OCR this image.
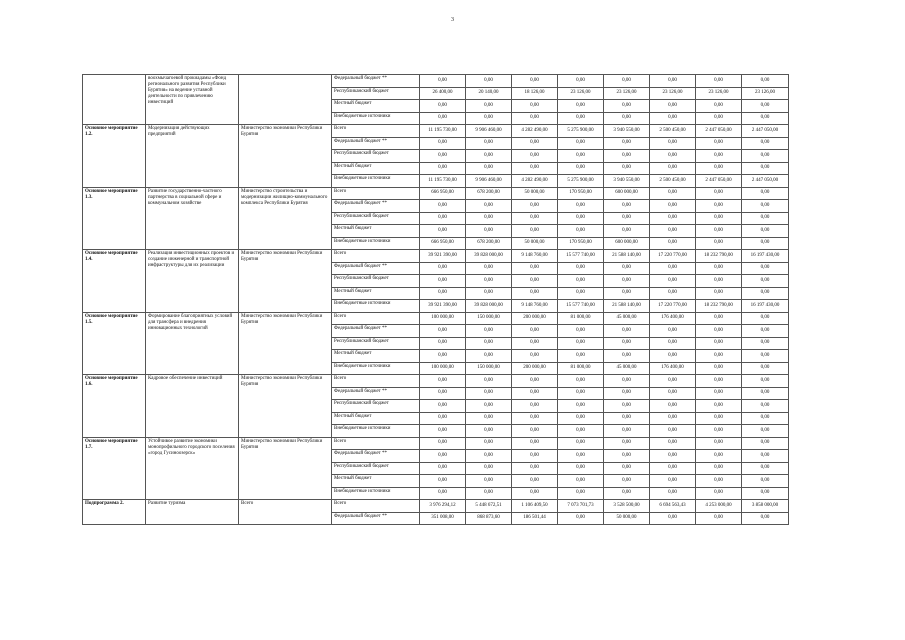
3
	воохмычагоевой прокиадамы «Фонд регионального развития Республики Бурятия» на ведение уставной деятельности по привлечению инвестиций		Федеральный бюджет **	0,00	0,00	0,00	0,00	0,00	0,00	0,00	0,00
			Республиканский бюджет	26 400,00	20 140,00	18 126,00	23 126,00	23 126,00	23 126,00	23 126,00	23 126,00
			Местный бюджет	0,00	0,00	0,00	0,00	0,00	0,00	0,00	0,00
			Внебюджетные источники	0,00	0,00	0,00	0,00	0,00	0,00	0,00	0,00
Основное мероприятие 1.2.	Модернизация действующих предприятий	Министерство экономики Республики Бурятия	Всего	11 195 730,00	9 906 460,00	4 282 490,00	5 275 900,00	3 940 550,00	2 500 450,00	2 447 050,00	2 447 050,00
			Федеральный бюджет **	0,00	0,00	0,00	0,00	0,00	0,00	0,00	0,00
			Республиканский бюджет	0,00	0,00	0,00	0,00	0,00	0,00	0,00	0,00
			Местный бюджет	0,00	0,00	0,00	0,00	0,00	0,00	0,00	0,00
			Внебюджетные источники	11 195 730,00	9 906 460,00	4 282 490,00	5 275 900,00	3 940 550,00	2 500 450,00	2 447 050,00	2 447 050,00
Основное мероприятие 1.3.	Развитие государственно-частного партнерства в социальной сфере и коммунальном хозяйстве	Министерство строительства и модернизации жилищно-коммунального комплекса Республики Бурятия	Всего	666 950,00	678 200,00	50 000,00	170 950,00	600 000,00	0,00	0,00	0,00
			Федеральный бюджет **	0,00	0,00	0,00	0,00	0,00	0,00	0,00	0,00
			Республиканский бюджет	0,00	0,00	0,00	0,00	0,00	0,00	0,00	0,00
			Местный бюджет	0,00	0,00	0,00	0,00	0,00	0,00	0,00	0,00
			Внебюджетные источники	666 950,00	678 200,00	50 000,00	170 950,00	600 000,00	0,00	0,00	0,00
Основное мероприятие 1.4.	Реализация инвестиционных проектов и создание инженерной и транспортной инфраструктуры для их реализации	Министерство экономики Республики Бурятия	Всего	39 921 390,00	39 828 000,00	9 148 760,00	15 577 740,00	21 588 140,00	17 220 770,00	18 232 790,00	16 197 430,00
			Федеральный бюджет **	0,00	0,00	0,00	0,00	0,00	0,00	0,00	0,00
			Республиканский бюджет	0,00	0,00	0,00	0,00	0,00	0,00	0,00	0,00
			Местный бюджет	0,00	0,00	0,00	0,00	0,00	0,00	0,00	0,00
			Внебюджетные источники	39 921 390,00	39 828 000,00	9 148 760,00	15 577 740,00	21 588 140,00	17 220 770,00	18 232 790,00	16 197 430,00
Основное мероприятие 1.5.	Формирование благоприятных условий для трансфера и внедрения инновационных технологий	Министерство экономики Республики Бурятия	Всего	100 000,00	150 000,00	200 000,00	81 000,00	45 000,00	176 400,00	0,00	0,00
			Федеральный бюджет **	0,00	0,00	0,00	0,00	0,00	0,00	0,00	0,00
			Республиканский бюджет	0,00	0,00	0,00	0,00	0,00	0,00	0,00	0,00
			Местный бюджет	0,00	0,00	0,00	0,00	0,00	0,00	0,00	0,00
			Внебюджетные источники	100 000,00	150 000,00	200 000,00	81 000,00	45 000,00	176 400,00	0,00	0,00
Основное мероприятие 1.6.	Кадровое обеспечение инвестиций	Министерство экономики Республики Бурятия	Всего	0,00	0,00	0,00	0,00	0,00	0,00	0,00	0,00
			Федеральный бюджет **	0,00	0,00	0,00	0,00	0,00	0,00	0,00	0,00
			Республиканский бюджет	0,00	0,00	0,00	0,00	0,00	0,00	0,00	0,00
			Местный бюджет	0,00	0,00	0,00	0,00	0,00	0,00	0,00	0,00
			Внебюджетные источники	0,00	0,00	0,00	0,00	0,00	0,00	0,00	0,00
Основное мероприятие 1.7.	Устойчивое развитие экономики монопрофильного городского поселения «город Гусиноозерск»	Министерство экономики Республики Бурятия	Всего	0,00	0,00	0,00	0,00	0,00	0,00	0,00	0,00
			Федеральный бюджет **	0,00	0,00	0,00	0,00	0,00	0,00	0,00	0,00
			Республиканский бюджет	0,00	0,00	0,00	0,00	0,00	0,00	0,00	0,00
			Местный бюджет	0,00	0,00	0,00	0,00	0,00	0,00	0,00	0,00
			Внебюджетные источники	0,00	0,00	0,00	0,00	0,00	0,00	0,00	0,00
Подпрограмма 2.	Развитие туризма	Всего	Всего	3 976 294,12	5 448 672,51	1 106 409,50	7 073 701,73	3 528 500,00	6 694 563,43	4 253 000,00	3 858 000,00
			Федеральный бюджет **	351 008,00	868 873,60	186 501,44	0,00	50 000,00	0,00	0,00	0,00
